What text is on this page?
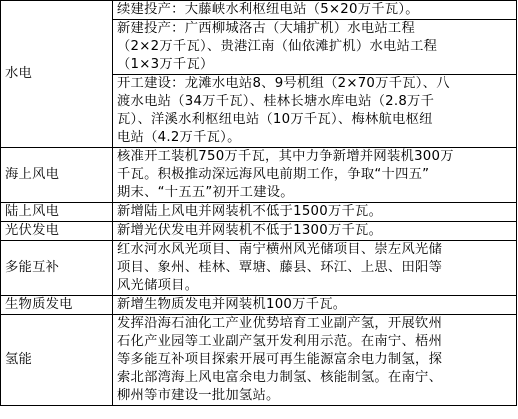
水电	续建投产：大藤峡水利枢纽电站（5×20万千瓦）。

	新建投产：广西柳城洛古（大埔扩机）水电站工程
（2×2万千瓦）、贵港江南（仙依滩扩机）水电站工程
（1×3万千瓦）

	开工建设：龙滩水电站8、9号机组（2×70万千瓦）、八
渡水电站（34万千瓦）、桂林长塘水库电站（2.8万千
瓦）、洋溪水利枢纽电站（10万千瓦）、梅林航电枢纽
电站（4.2万千瓦）。

海上风电	核准开工装机750万千瓦，其中力争新增并网装机300万
千瓦。积极推动深远海风电前期工作，争取“十四五”
期末、“十五五”初开工建设。

陆上风电	新增陆上风电并网装机不低于1500万千瓦。

光伏发电	新增光伏发电并网装机不低于1300万千瓦。

多能互补	红水河水风光项目、南宁横州风光储项目、崇左风光储
项目、象州、桂林、覃塘、藤县、环江、上思、田阳等
风光储项目。

生物质发电	新增生物质发电并网装机100万千瓦。

氢能	发挥沿海石油化工产业优势培育工业副产氢，开展钦州
石化产业园等工业副产氢开发利用示范。在南宁、梧州
等多能互补项目探索开展可再生能源富余电力制氢，探
索北部湾海上风电富余电力制氢、核能制氢。在南宁、
柳州等市建设一批加氢站。
